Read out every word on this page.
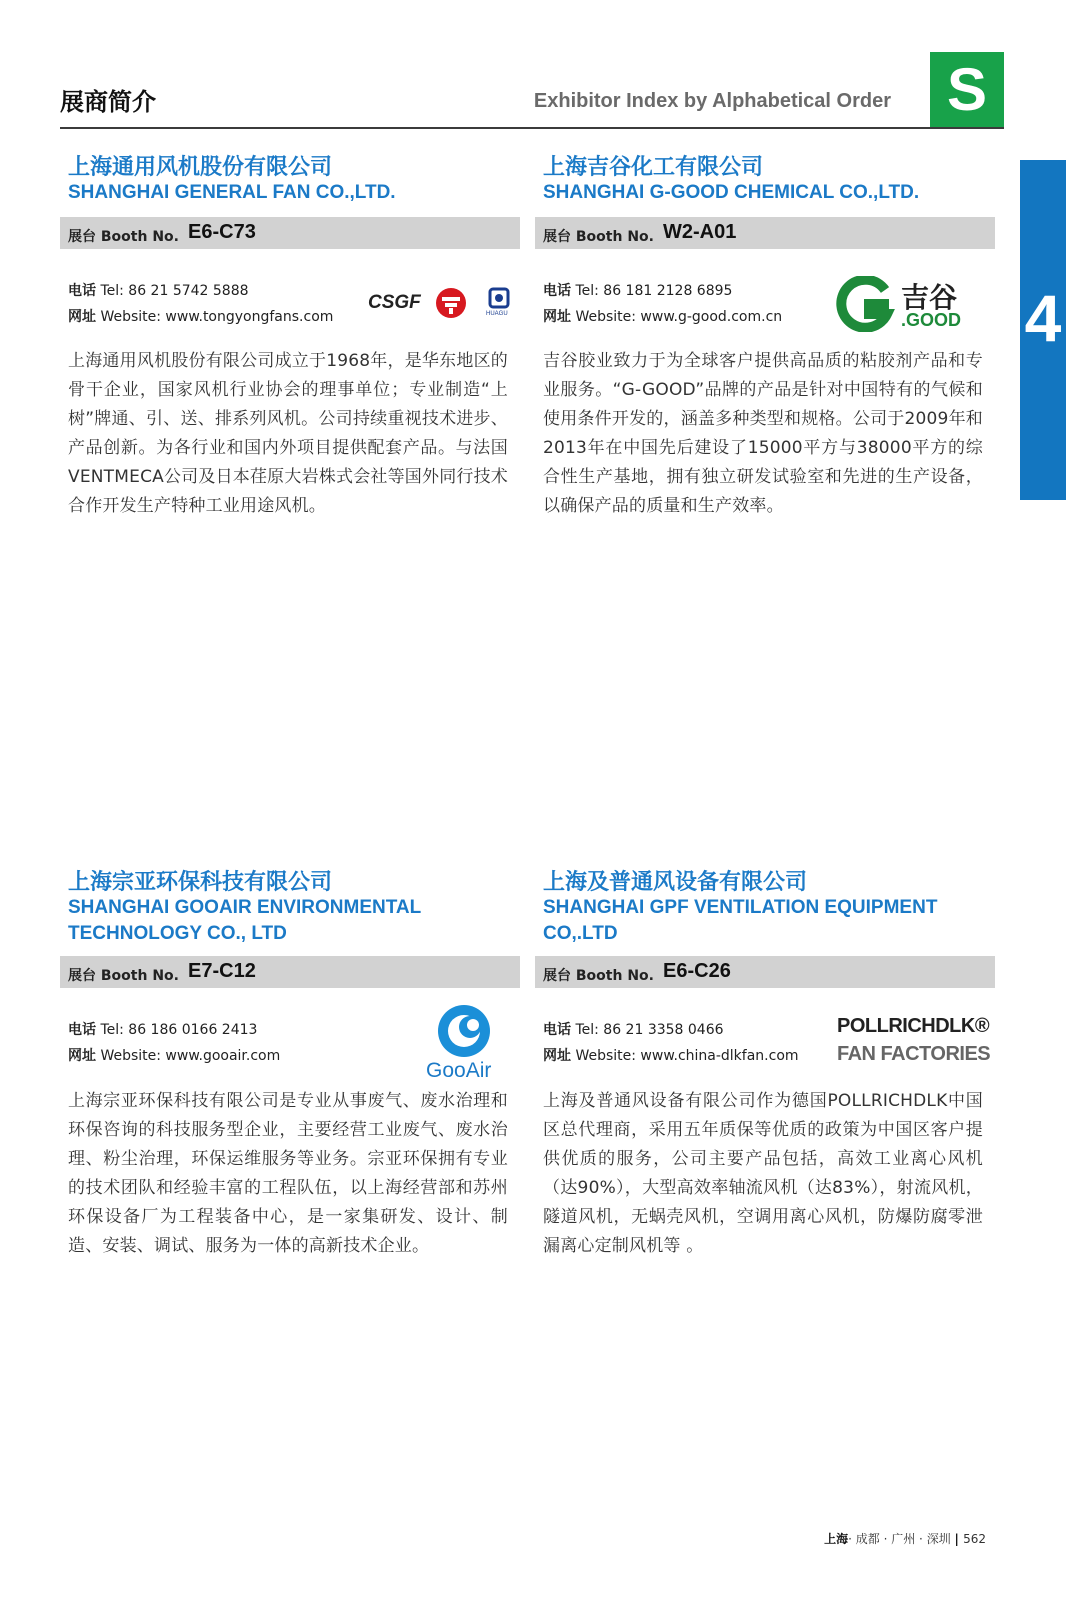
展商简介	Exhibitor Index by Alphabetical Order S
4
上海通用风机股份有限公司
SHANGHAI GENERAL FAN CO.,LTD.
展台 Booth No. E6-C73
电话 Tel: 86 21 5742 5888
网址 Website: www.tongyongfans.com
CSGF
HUAGU
上海通用风机股份有限公司成立于1968年，是华东地区的骨干企业，国家风机行业协会的理事单位；专业制造“上树”牌通、引、送、排系列风机。公司持续重视技术进步、产品创新。为各行业和国内外项目提供配套产品。与法国VENTMECA公司及日本荏原大岩株式会社等国外同行技术合作开发生产特种工业用途风机。
上海吉谷化工有限公司
SHANGHAI G-GOOD CHEMICAL CO.,LTD.
展台 Booth No. W2-A01
电话 Tel: 86 181 2128 6895
网址 Website: www.g-good.com.cn
吉谷
.GOOD
吉谷胶业致力于为全球客户提供高品质的粘胶剂产品和专业服务。“G-GOOD”品牌的产品是针对中国特有的气候和使用条件开发的，涵盖多种类型和规格。公司于2009年和2013年在中国先后建设了15000平方与38000平方的综合性生产基地，拥有独立研发试验室和先进的生产设备，以确保产品的质量和生产效率。
上海宗亚环保科技有限公司
SHANGHAI GOOAIR ENVIRONMENTAL TECHNOLOGY CO., LTD
展台 Booth No. E7-C12
电话 Tel: 86 186 0166 2413
网址 Website: www.gooair.com
GooAir
上海宗亚环保科技有限公司是专业从事废气、废水治理和环保咨询的科技服务型企业，主要经营工业废气、废水治理、粉尘治理，环保运维服务等业务。宗亚环保拥有专业的技术团队和经验丰富的工程队伍，以上海经营部和苏州环保设备厂为工程装备中心，是一家集研发、设计、制造、安装、调试、服务为一体的高新技术企业。
上海及普通风设备有限公司
SHANGHAI GPF VENTILATION EQUIPMENT CO,.LTD
展台 Booth No. E6-C26
电话 Tel: 86 21 3358 0466
网址 Website: www.china-dlkfan.com
POLLRICHDLK®
FAN FACTORIES
上海及普通风设备有限公司作为德国POLLRICHDLK中国区总代理商，采用五年质保等优质的政策为中国区客户提供优质的服务，公司主要产品包括，高效工业离心风机（达90%），大型高效率轴流风机（达83%），射流风机，隧道风机，无蜗壳风机，空调用离心风机，防爆防腐零泄漏离心定制风机等 。
上海· 成都 · 广州 · 深圳 | 562
